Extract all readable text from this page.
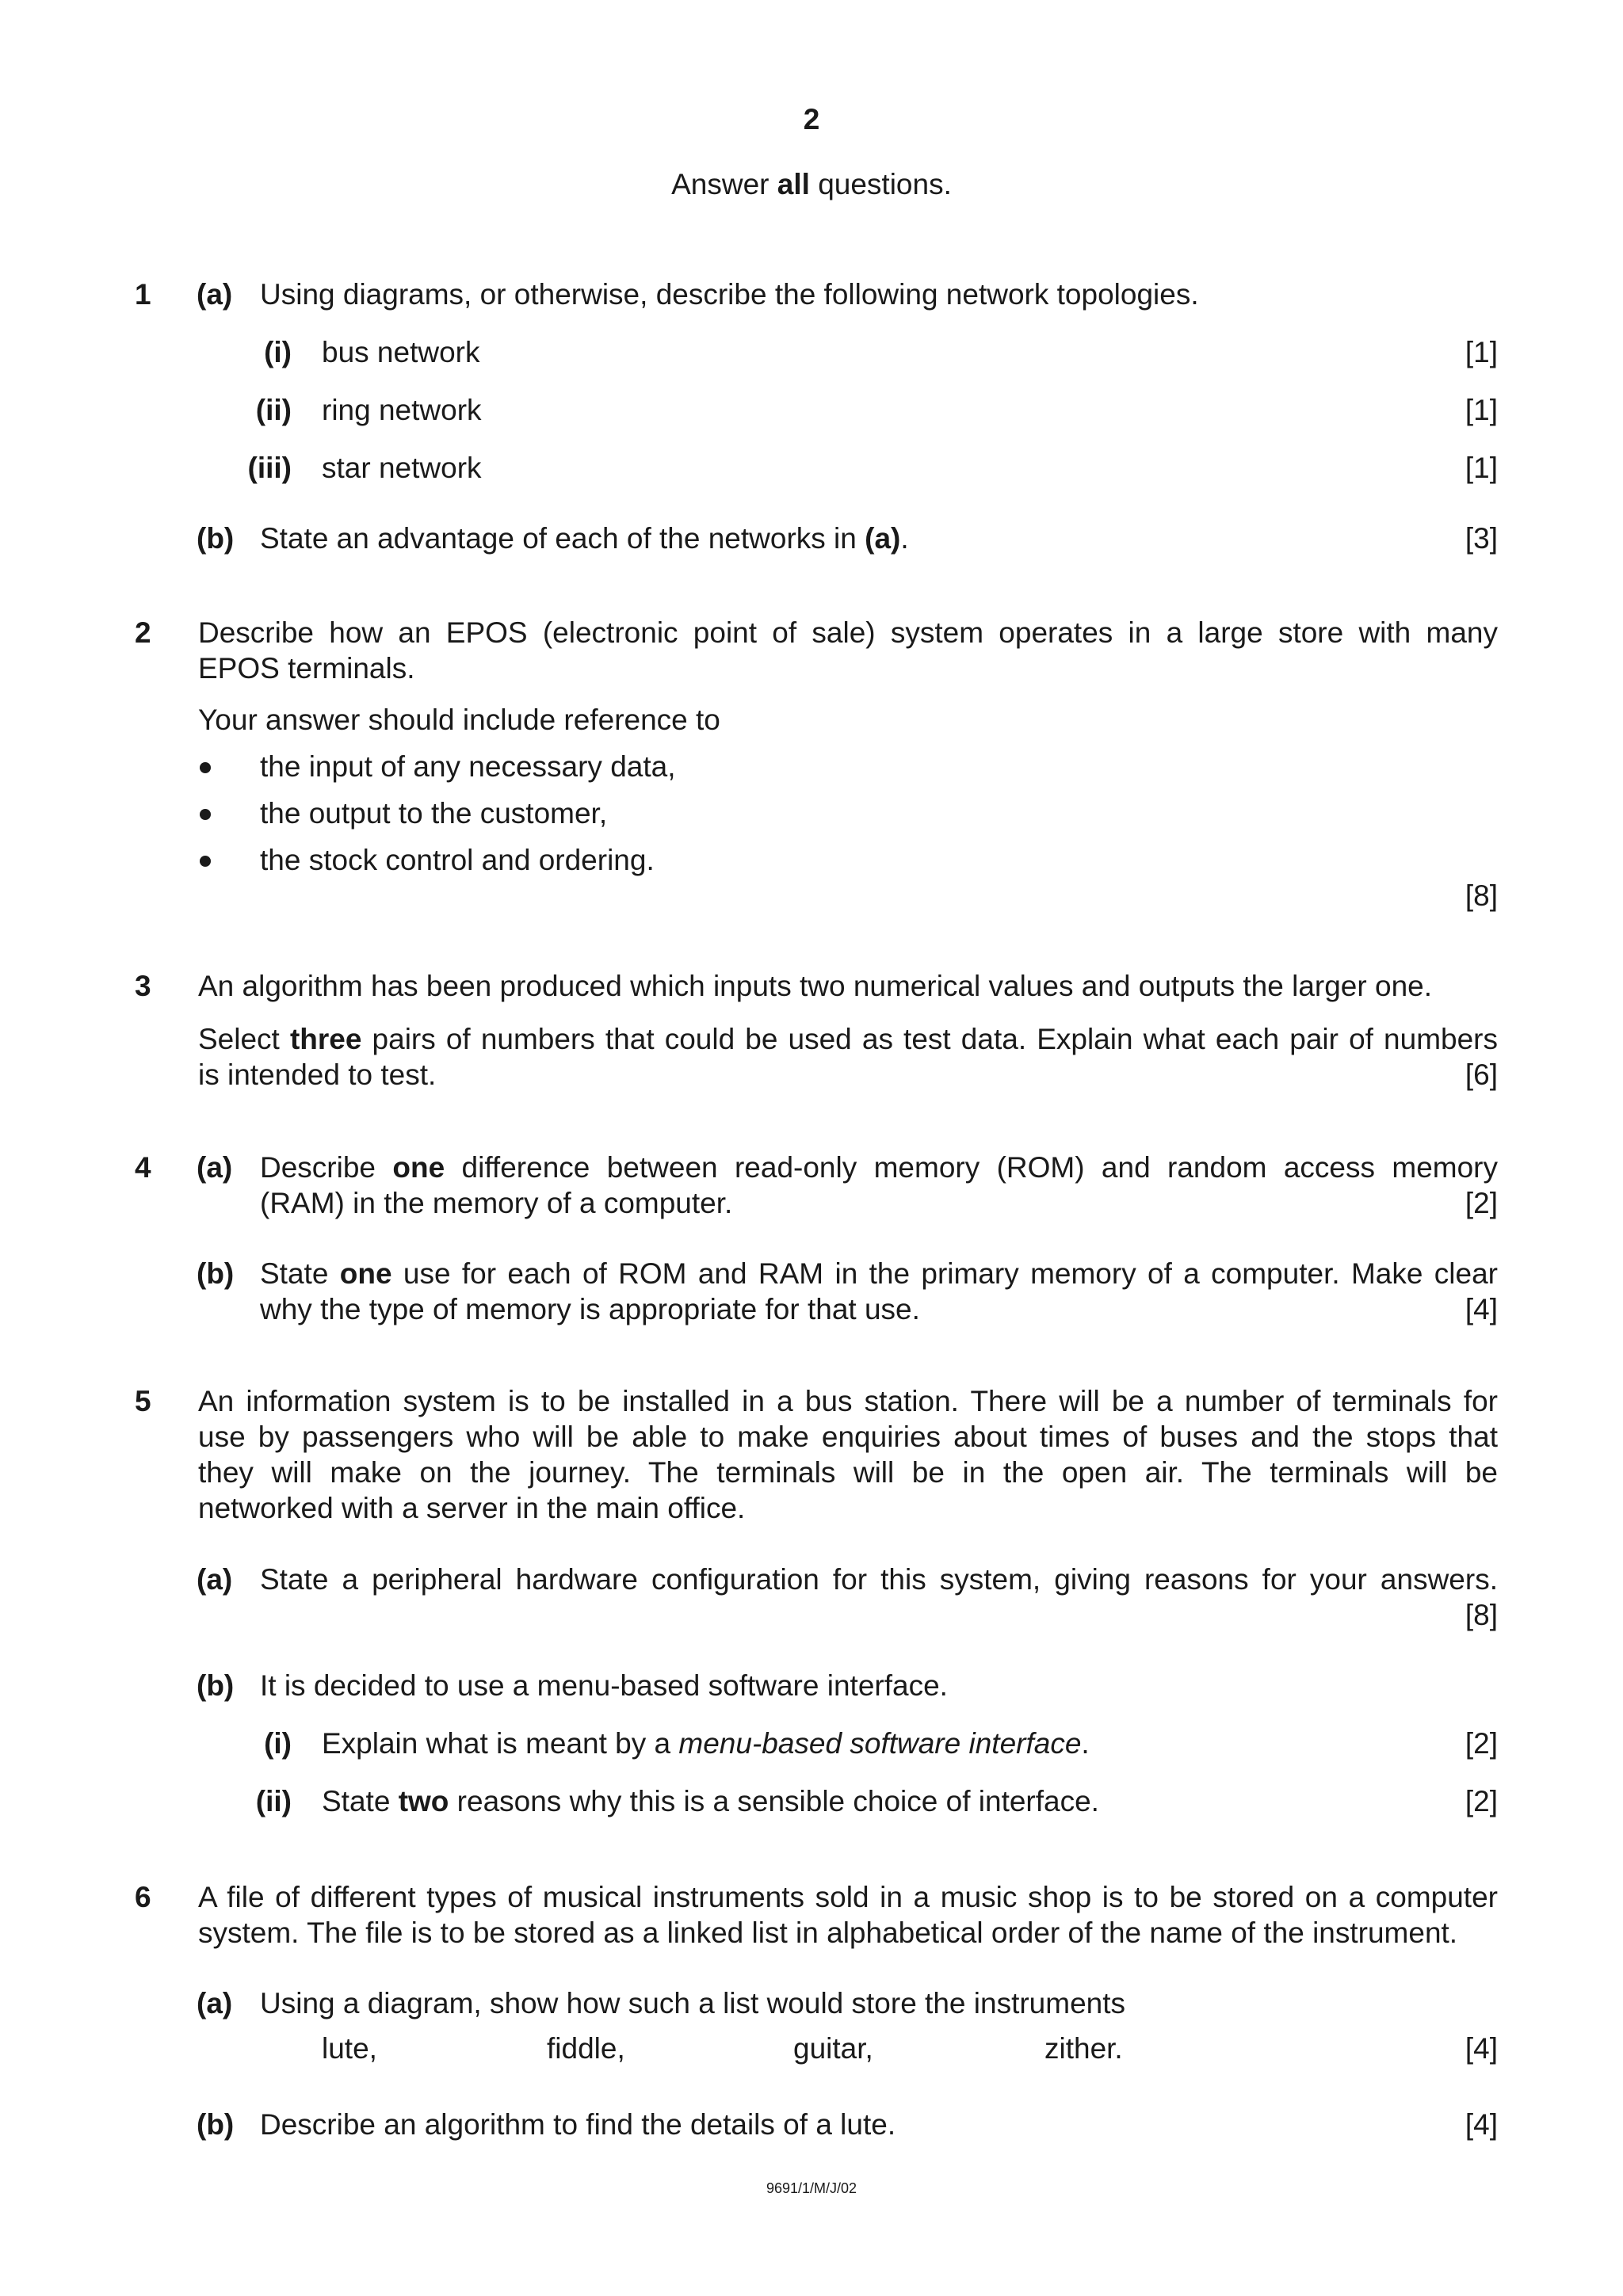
2
Answer all questions.
1 (a) Using diagrams, or otherwise, describe the following network topologies.
(i) bus network	[1]
(ii) ring network	[1]
(iii) star network	[1]
(b) State an advantage of each of the networks in (a).	[3]
2 Describe how an EPOS (electronic point of sale) system operates in a large store with many
EPOS terminals.
Your answer should include reference to
the input of any necessary data,
the output to the customer,
the stock control and ordering.
[8]
3 An algorithm has been produced which inputs two numerical values and outputs the larger one.
Select three pairs of numbers that could be used as test data. Explain what each pair of numbers
is intended to test.	[6]
4 (a) Describe one difference between read-only memory (ROM) and random access memory
(RAM) in the memory of a computer.	[2]
(b) State one use for each of ROM and RAM in the primary memory of a computer. Make clear
why the type of memory is appropriate for that use.	[4]
5 An information system is to be installed in a bus station. There will be a number of terminals for
use by passengers who will be able to make enquiries about times of buses and the stops that
they will make on the journey. The terminals will be in the open air. The terminals will be
networked with a server in the main office.
(a) State a peripheral hardware configuration for this system, giving reasons for your answers.
[8]
(b) It is decided to use a menu-based software interface.
(i) Explain what is meant by a menu-based software interface.	[2]
(ii) State two reasons why this is a sensible choice of interface.	[2]
6 A file of different types of musical instruments sold in a music shop is to be stored on a computer
system. The file is to be stored as a linked list in alphabetical order of the name of the instrument.
(a) Using a diagram, show how such a list would store the instruments
lute,	fiddle,	guitar,	zither.	[4]
(b) Describe an algorithm to find the details of a lute.	[4]
9691/1/M/J/02
